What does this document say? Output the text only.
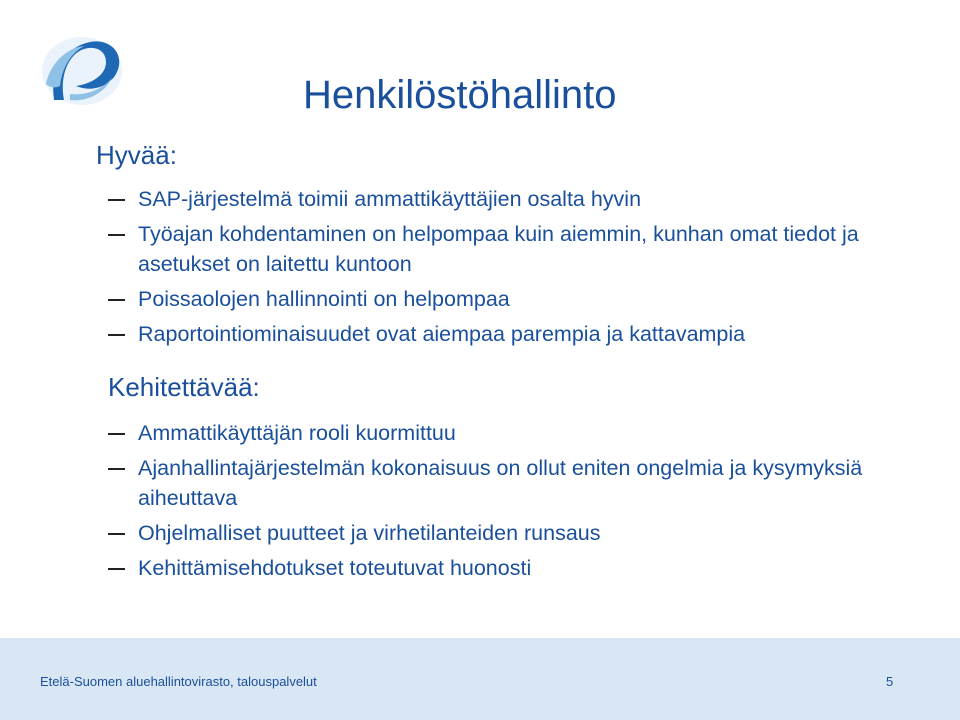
Henkilöstöhallinto
Hyvää:
SAP-järjestelmä toimii ammattikäyttäjien osalta hyvin
Työajan kohdentaminen on helpompaa kuin aiemmin, kunhan omat tiedot ja asetukset on laitettu kuntoon
Poissaolojen hallinnointi on helpompaa
Raportointiominaisuudet ovat aiempaa parempia ja kattavampia
Kehitettävää:
Ammattikäyttäjän rooli kuormittuu
Ajanhallintajärjestelmän kokonaisuus on ollut eniten ongelmia ja kysymyksiä aiheuttava
Ohjelmalliset puutteet ja virhetilanteiden runsaus
Kehittämisehdotukset toteutuvat huonosti
Etelä-Suomen aluehallintovirasto, talouspalvelut	5
